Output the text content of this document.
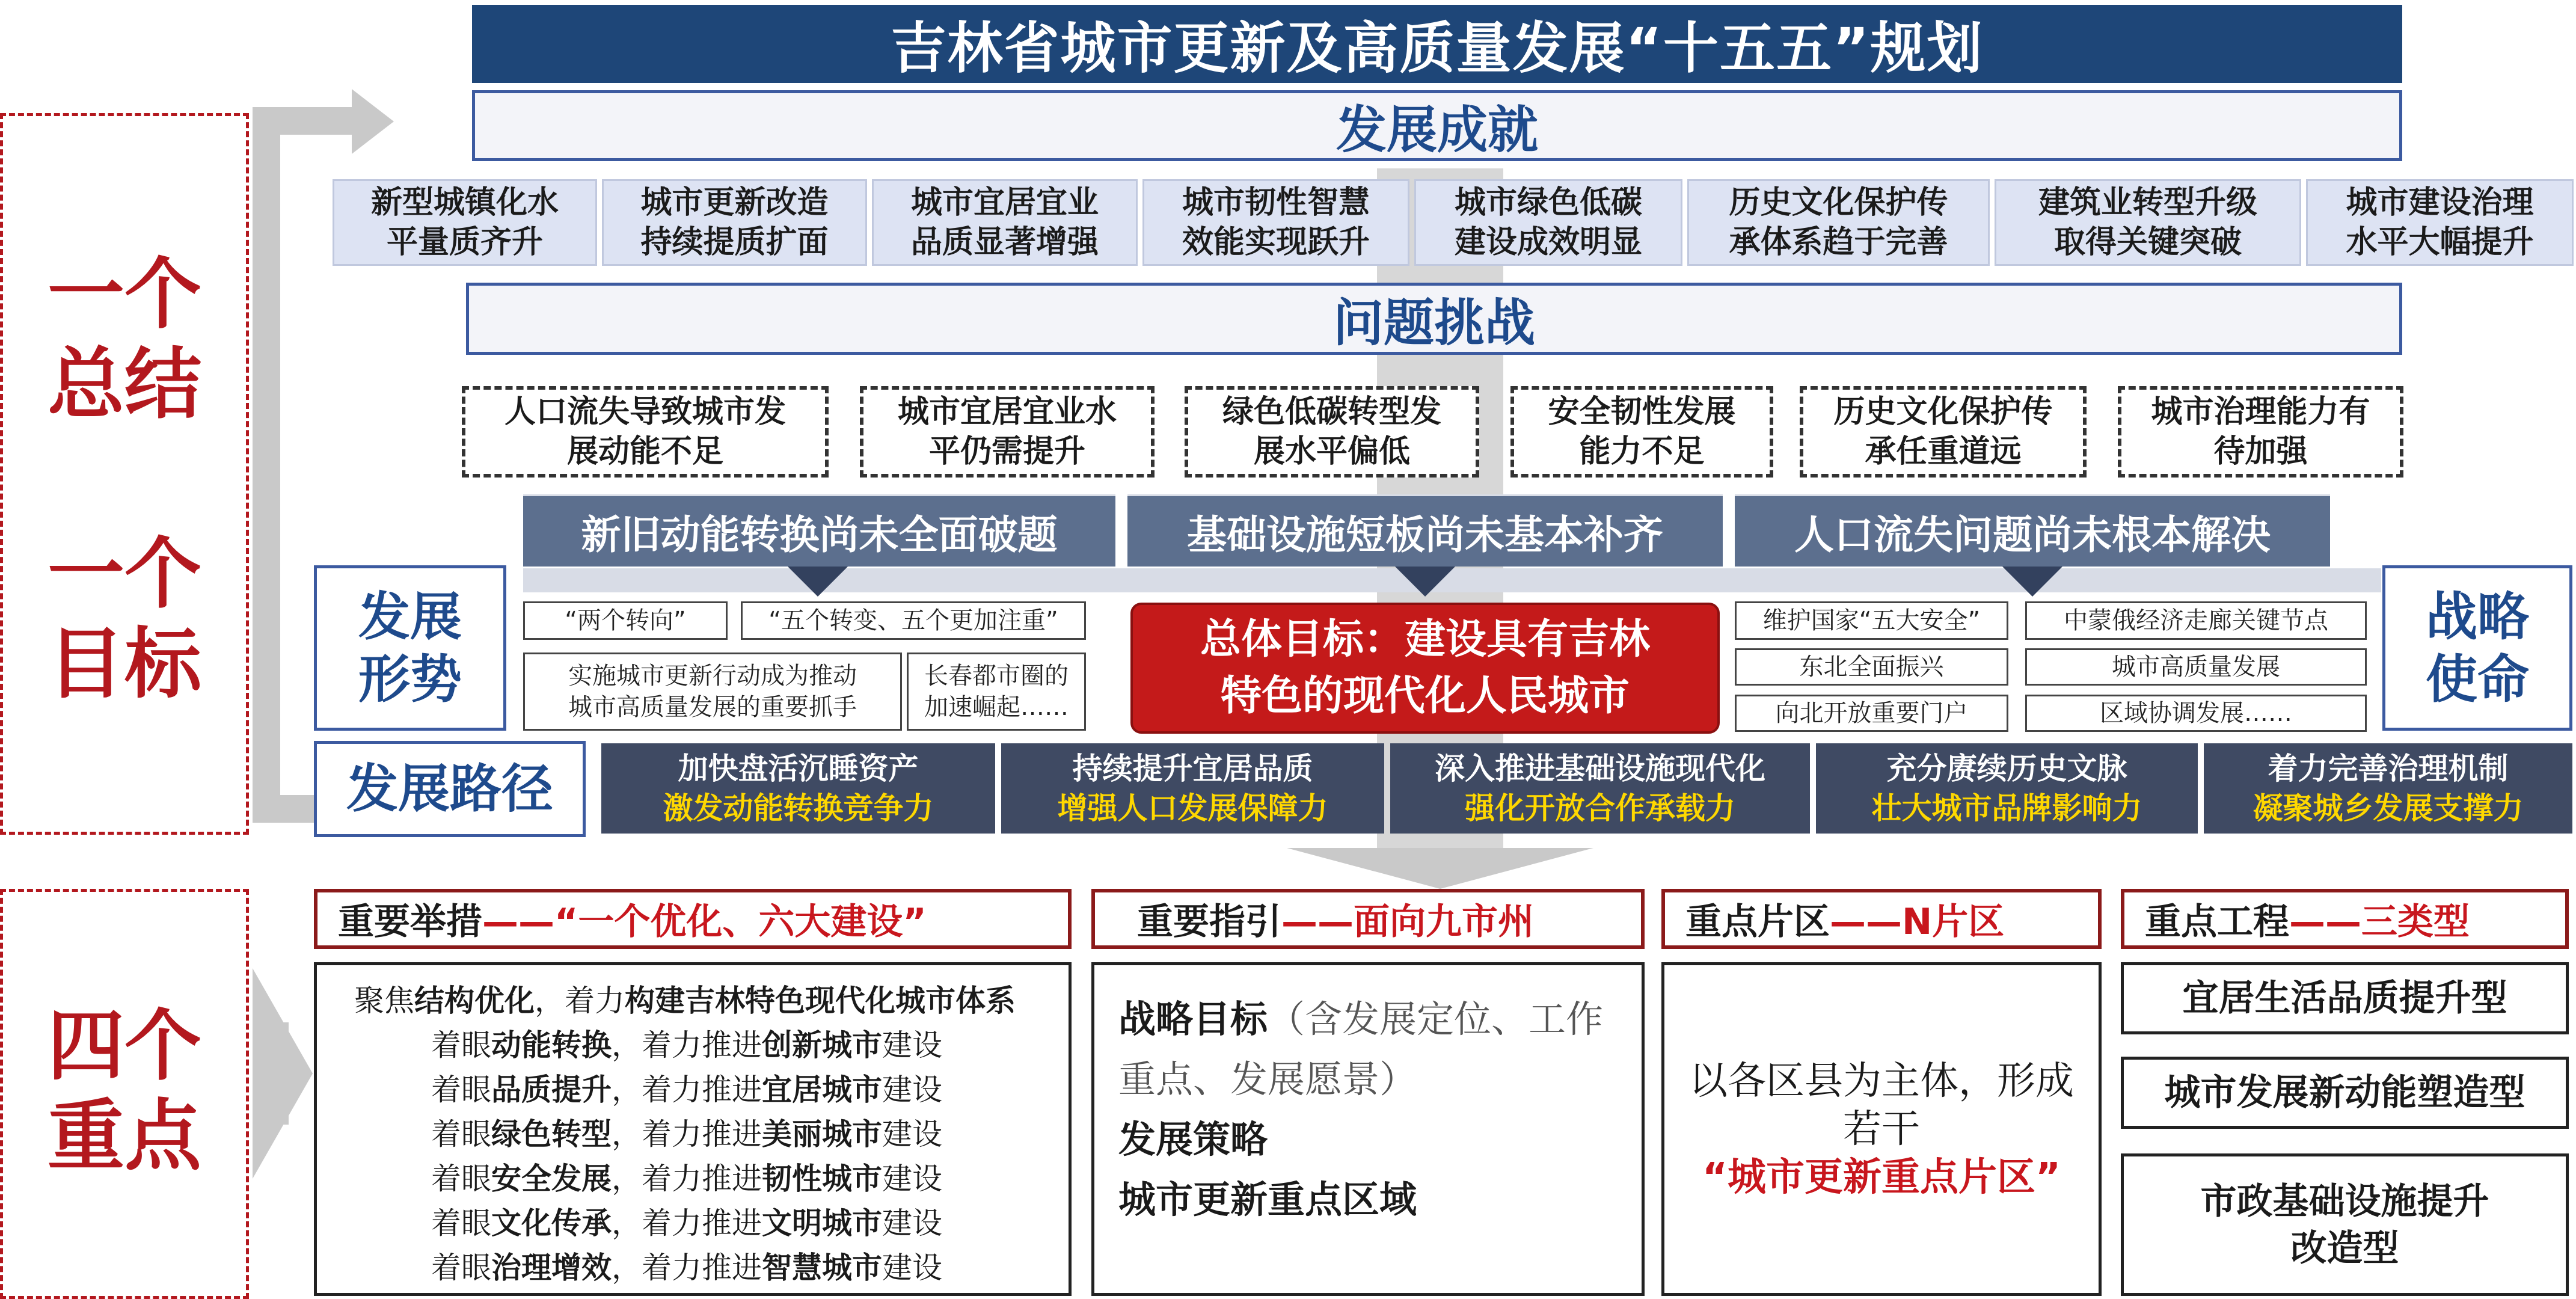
一个
总结
一个
目标
四个
重点
吉林省城市更新及高质量发展“十五五”规划
发展成就
新型城镇化水
平量质齐升
城市更新改造
持续提质扩面
城市宜居宜业
品质显著增强
城市韧性智慧
效能实现跃升
城市绿色低碳
建设成效明显
历史文化保护传
承体系趋于完善
建筑业转型升级
取得关键突破
城市建设治理
水平大幅提升
问题挑战
人口流失导致城市发
展动能不足
城市宜居宜业水
平仍需提升
绿色低碳转型发
展水平偏低
安全韧性发展
能力不足
历史文化保护传
承任重道远
城市治理能力有
待加强
新旧动能转换尚未全面破题	基础设施短板尚未基本补齐	人口流失问题尚未根本解决
发展
形势
“两个转向”	“五个转变、五个更加注重”
实施城市更新行动成为推动
城市高质量发展的重要抓手
长春都市圈的
加速崛起……
总体目标：建设具有吉林
特色的现代化人民城市
维护国家“五大安全”	中蒙俄经济走廊关键节点
东北全面振兴	城市高质量发展
向北开放重要门户	区域协调发展……
战略
使命
发展路径	加快盘活沉睡资产
激发动能转换竞争力
持续提升宜居品质
增强人口发展保障力
深入推进基础设施现代化
强化开放合作承载力
充分赓续历史文脉
壮大城市品牌影响力
着力完善治理机制
凝聚城乡发展支撑力
重要举措 ——“一个优化、六大建设”
聚焦结构优化，着力构建吉林特色现代化城市体系
着眼动能转换，着力推进创新城市建设
着眼品质提升，着力推进宜居城市建设
着眼绿色转型，着力推进美丽城市建设
着眼安全发展，着力推进韧性城市建设
着眼文化传承，着力推进文明城市建设
着眼治理增效，着力推进智慧城市建设
重要指引 ——面向九市州
战略目标（含发展定位、工作
重点、发展愿景）
发展策略
城市更新重点区域
重点片区 ——N片区
以各区县为主体，形成
若干
“城市更新重点片区”
重点工程 ——三类型
宜居生活品质提升型
城市发展新动能塑造型
市政基础设施提升
改造型
